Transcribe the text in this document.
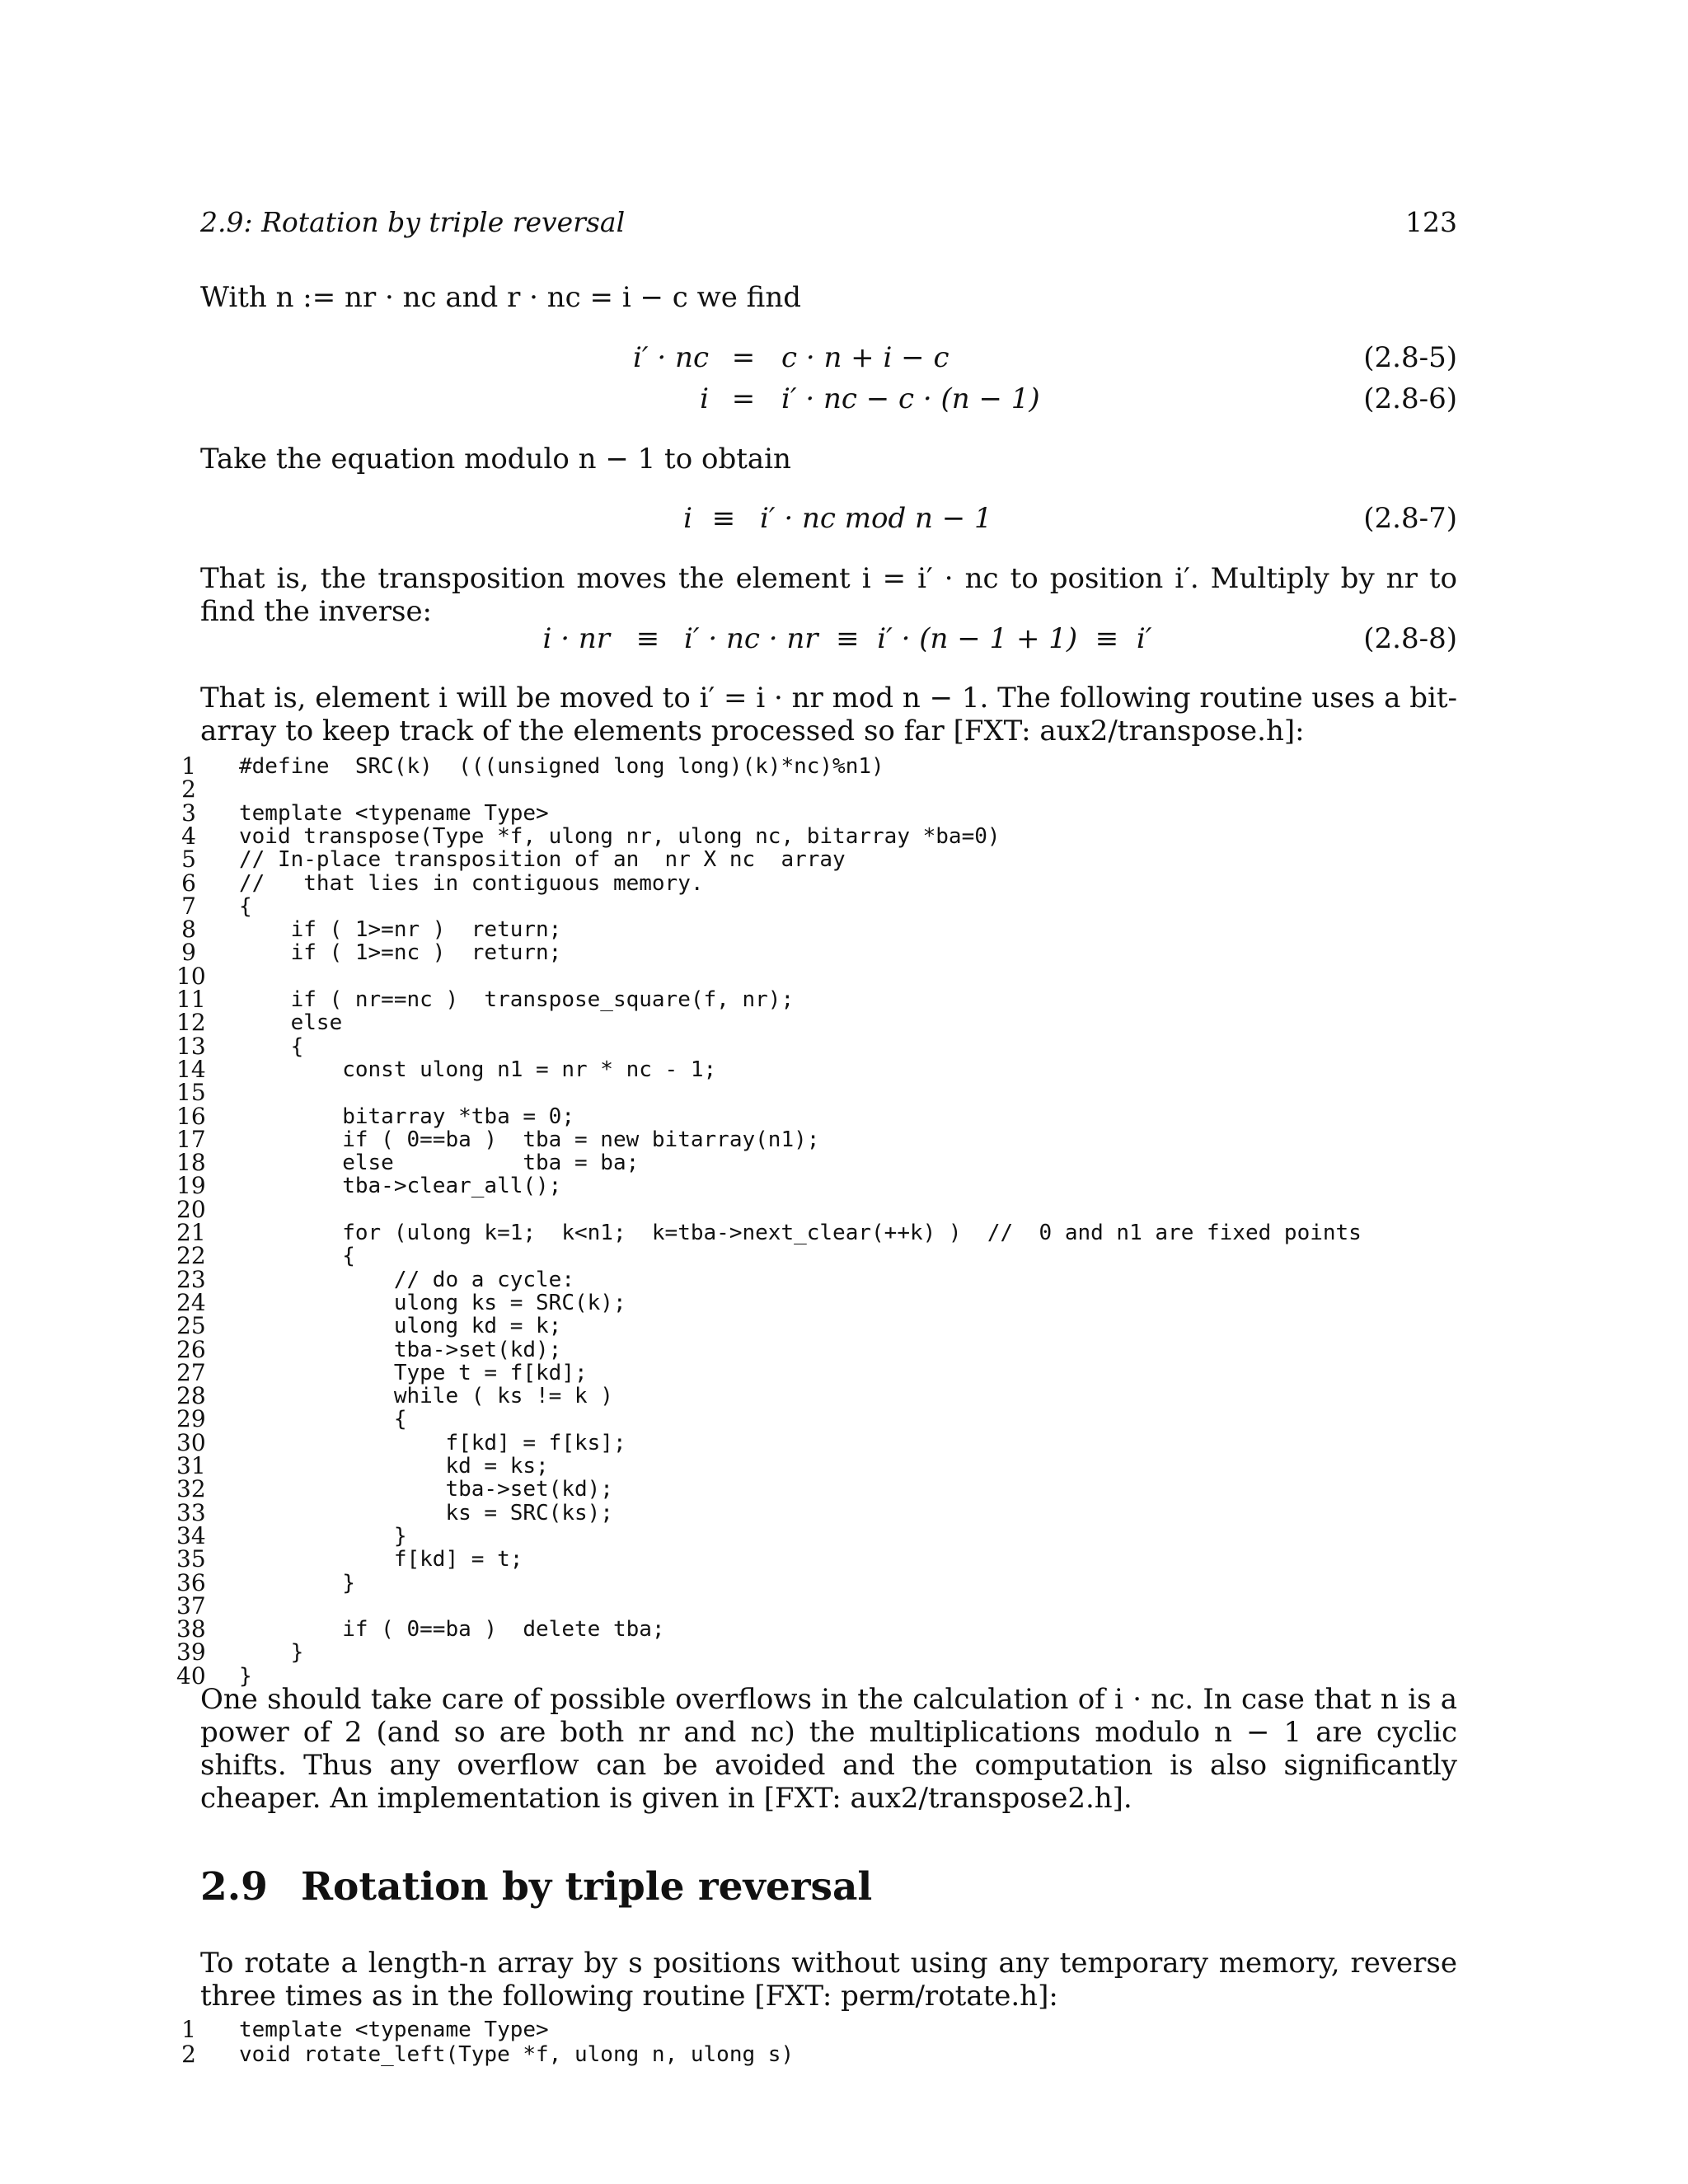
2.9: Rotation by triple reversal	123
With n := nr · nc and r · nc = i − c we find
i′ · nc = c · n + i − c	(2.8-5)
i = i′ · nc − c · (n − 1)	(2.8-6)
Take the equation modulo n − 1 to obtain
i ≡ i′ · nc mod n − 1	(2.8-7)
That is, the transposition moves the element i = i′ · nc to position i′. Multiply by nr to find the inverse:
i · nr ≡ i′ · nc · nr  ≡  i′ · (n − 1 + 1)  ≡  i′	(2.8-8)
That is, element i will be moved to i′ = i · nr mod n − 1. The following routine uses a bit-array to keep track of the elements processed so far [FXT: aux2/transpose.h]:
1 #define  SRC(k)  (((unsigned long long)(k)*nc)%n1)
2
3 template <typename Type>
4 void transpose(Type *f, ulong nr, ulong nc, bitarray *ba=0)
5 // In-place transposition of an  nr X nc  array
6 //   that lies in contiguous memory.
7 {
8 if ( 1>=nr )  return;
9 if ( 1>=nc )  return;
10
11 if ( nr==nc )  transpose_square(f, nr);
12 else
13 {
14 const ulong n1 = nr * nc - 1;
15
16 bitarray *tba = 0;
17 if ( 0==ba )  tba = new bitarray(n1);
18 else          tba = ba;
19 tba->clear_all();
20
21 for (ulong k=1;  k<n1;  k=tba->next_clear(++k) )  //  0 and n1 are fixed points
22 {
23 // do a cycle:
24 ulong ks = SRC(k);
25 ulong kd = k;
26 tba->set(kd);
27 Type t = f[kd];
28 while ( ks != k )
29 {
30 f[kd] = f[ks];
31 kd = ks;
32 tba->set(kd);
33 ks = SRC(ks);
34 }
35 f[kd] = t;
36 }
37
38 if ( 0==ba )  delete tba;
39 }
40 }
One should take care of possible overflows in the calculation of i · nc. In case that n is a power of 2 (and so are both nr and nc) the multiplications modulo n − 1 are cyclic shifts. Thus any overflow can be avoided and the computation is also significantly cheaper. An implementation is given in [FXT: aux2/transpose2.h].
2.9 Rotation by triple reversal
To rotate a length-n array by s positions without using any temporary memory, reverse three times as in the following routine [FXT: perm/rotate.h]:
1 template <typename Type>
2 void rotate_left(Type *f, ulong n, ulong s)
